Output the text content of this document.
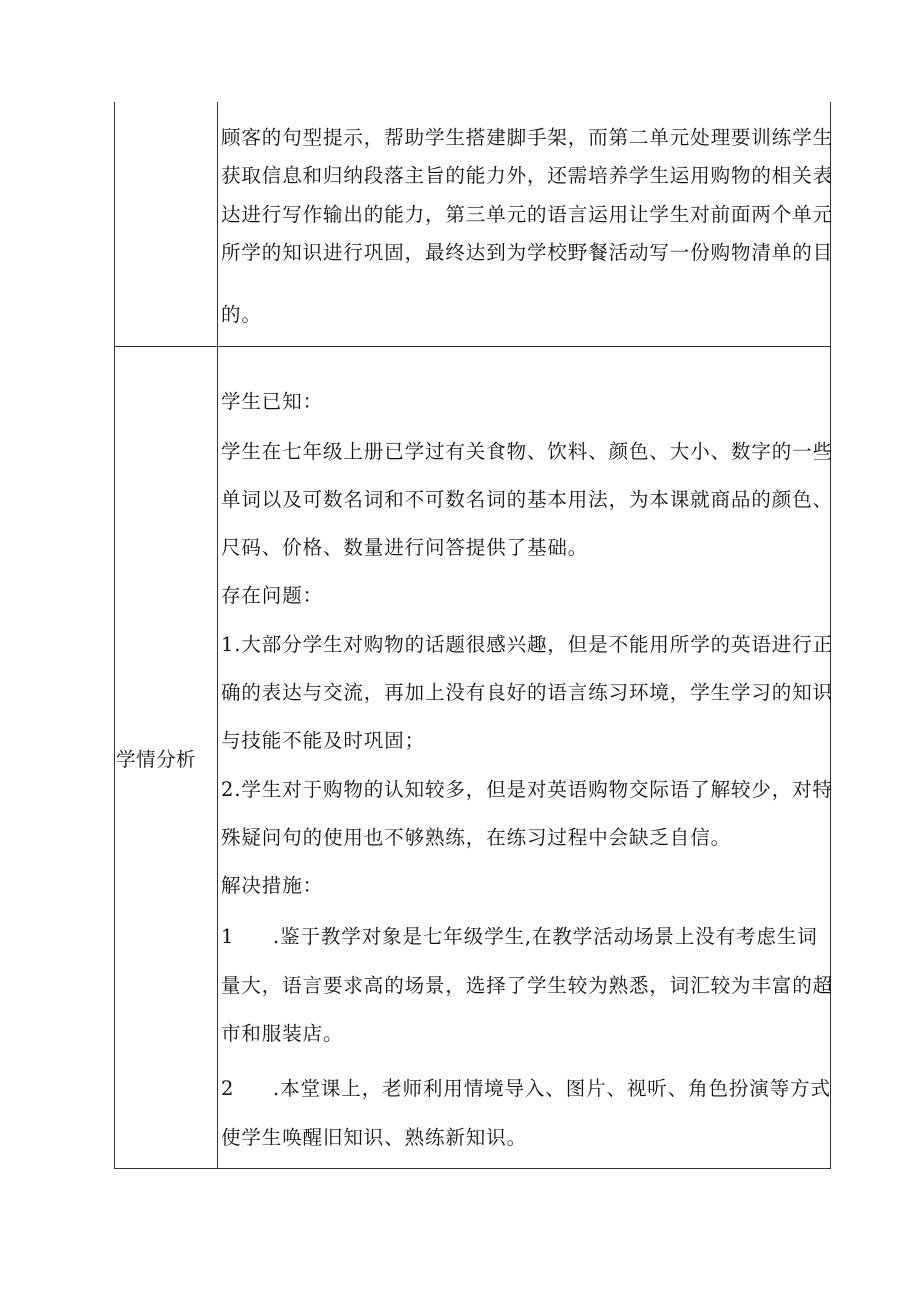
顾客的句型提示，帮助学生搭建脚手架，而第二单元处理要训练学生
获取信息和归纳段落主旨的能力外，还需培养学生运用购物的相关表
达进行写作输出的能力，第三单元的语言运用让学生对前面两个单元
所学的知识进行巩固，最终达到为学校野餐活动写一份购物清单的目
的。
学情分析
学生已知：
学生在七年级上册已学过有关食物、饮料、颜色、大小、数字的一些
单词以及可数名词和不可数名词的基本用法，为本课就商品的颜色、
尺码、价格、数量进行问答提供了基础。
存在问题：
1.大部分学生对购物的话题很感兴趣，但是不能用所学的英语进行正
确的表达与交流，再加上没有良好的语言练习环境，学生学习的知识
与技能不能及时巩固；
2.学生对于购物的认知较多，但是对英语购物交际语了解较少，对特
殊疑问句的使用也不够熟练，在练习过程中会缺乏自信。
解决措施：
1 .鉴于教学对象是七年级学生,在教学活动场景上没有考虑生词
量大，语言要求高的场景，选择了学生较为熟悉，词汇较为丰富的超
市和服装店。
2 .本堂课上，老师利用情境导入、图片、视听、角色扮演等方式
使学生唤醒旧知识、熟练新知识。
